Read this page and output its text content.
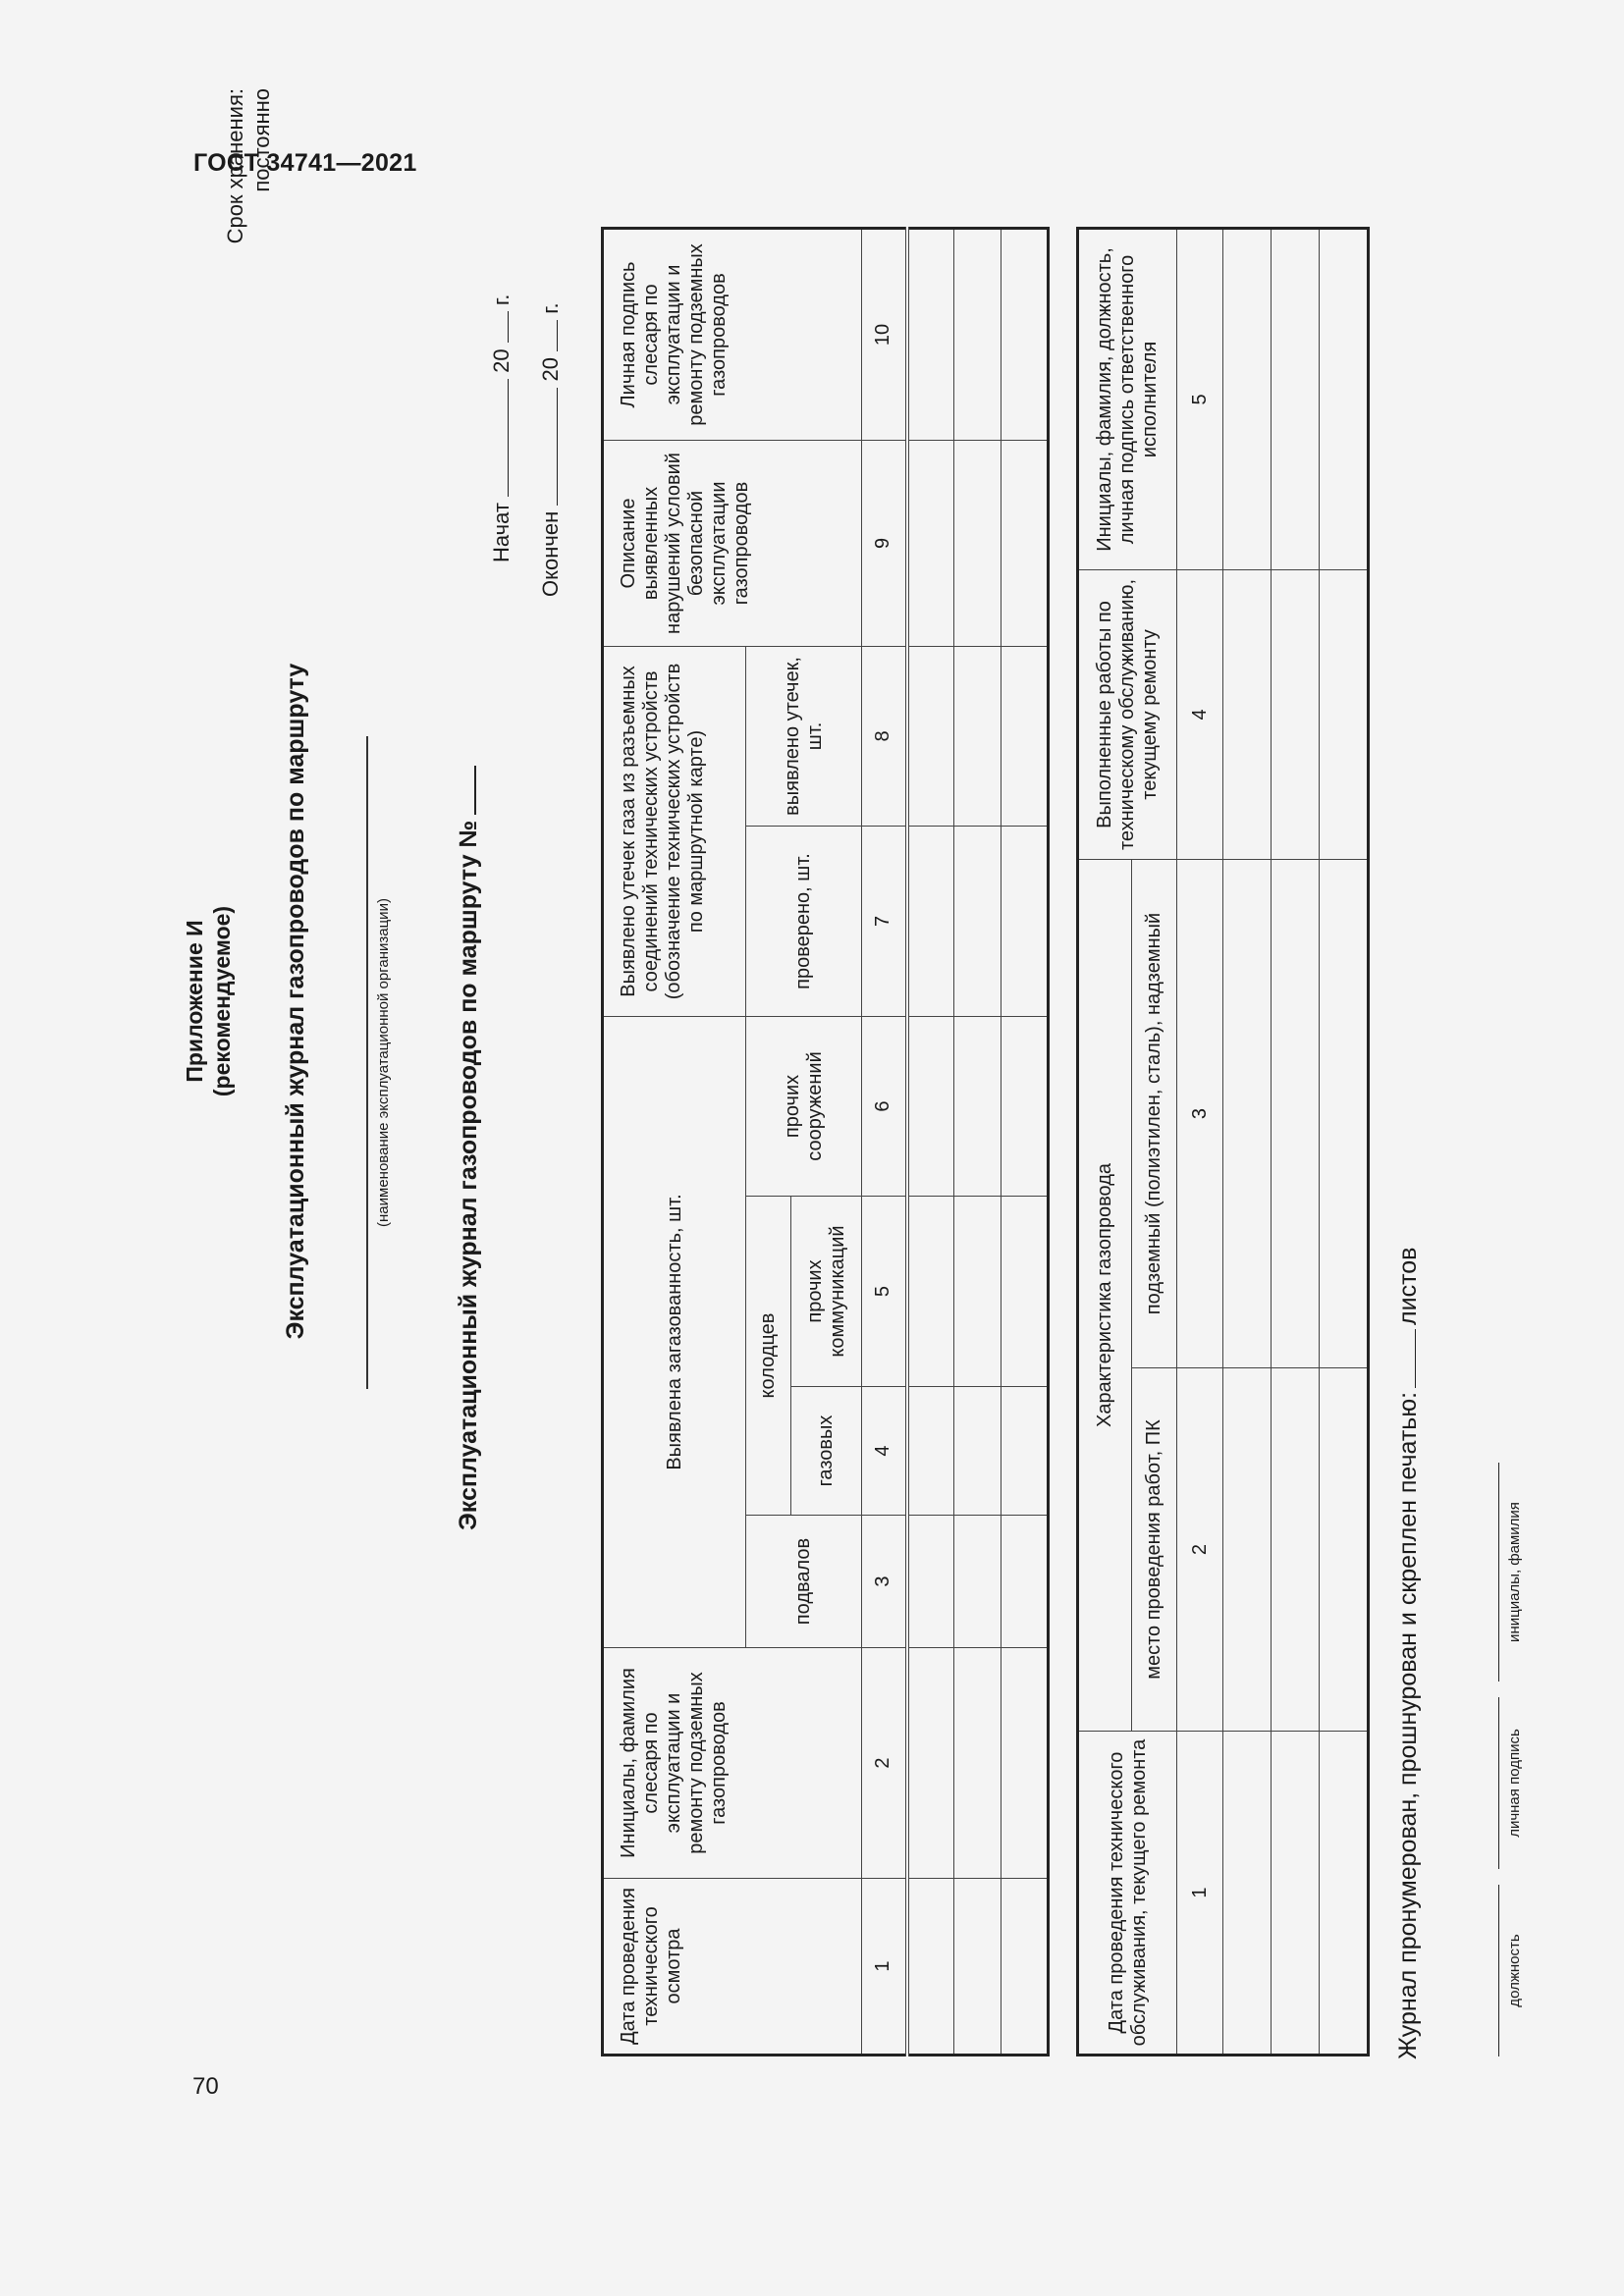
ГОСТ 34741—2021
70
Приложение И (рекомендуемое) Эксплуатационный журнал газопроводов по маршруту	(наименование эксплуатационной организации)
Срок хранения: постоянно
Начат  20  г.
Окончен  20  г.
Эксплуатационный журнал газопроводов по маршруту №
Дата проведения технического осмотра	Инициалы, фамилия слесаря по эксплуатации и ремонту подземных газопроводов	Выявлена загазованность, шт.				Выявлено утечек газа из разъемных соединений технических устройств (обозначение технических устройств по маршрутной карте)		Описание выявленных нарушений условий безопасной эксплуатации газопроводов	Личная подпись слесаря по эксплуатации и ремонту подземных газопроводов
		подвалов	колодцев		прочих сооружений	проверено, шт.	выявлено утечек, шт.		
			газовых	прочих коммуникаций					
1	2	3	4	5	6	7	8	9	10

Дата проведения технического обслуживания, текущего ремонта	Характеристика газопровода		Выполненные работы по техническому обслуживанию, текущему ремонту	Инициалы, фамилия, должность, личная подпись ответственного исполнителя
	место проведения работ, ПК	подземный (полиэтилен, сталь), надземный		
1	2	3	4	5

Журнал пронумерован, прошнурован и скреплен печатью:листов
должность
личная подпись
инициалы, фамилия
